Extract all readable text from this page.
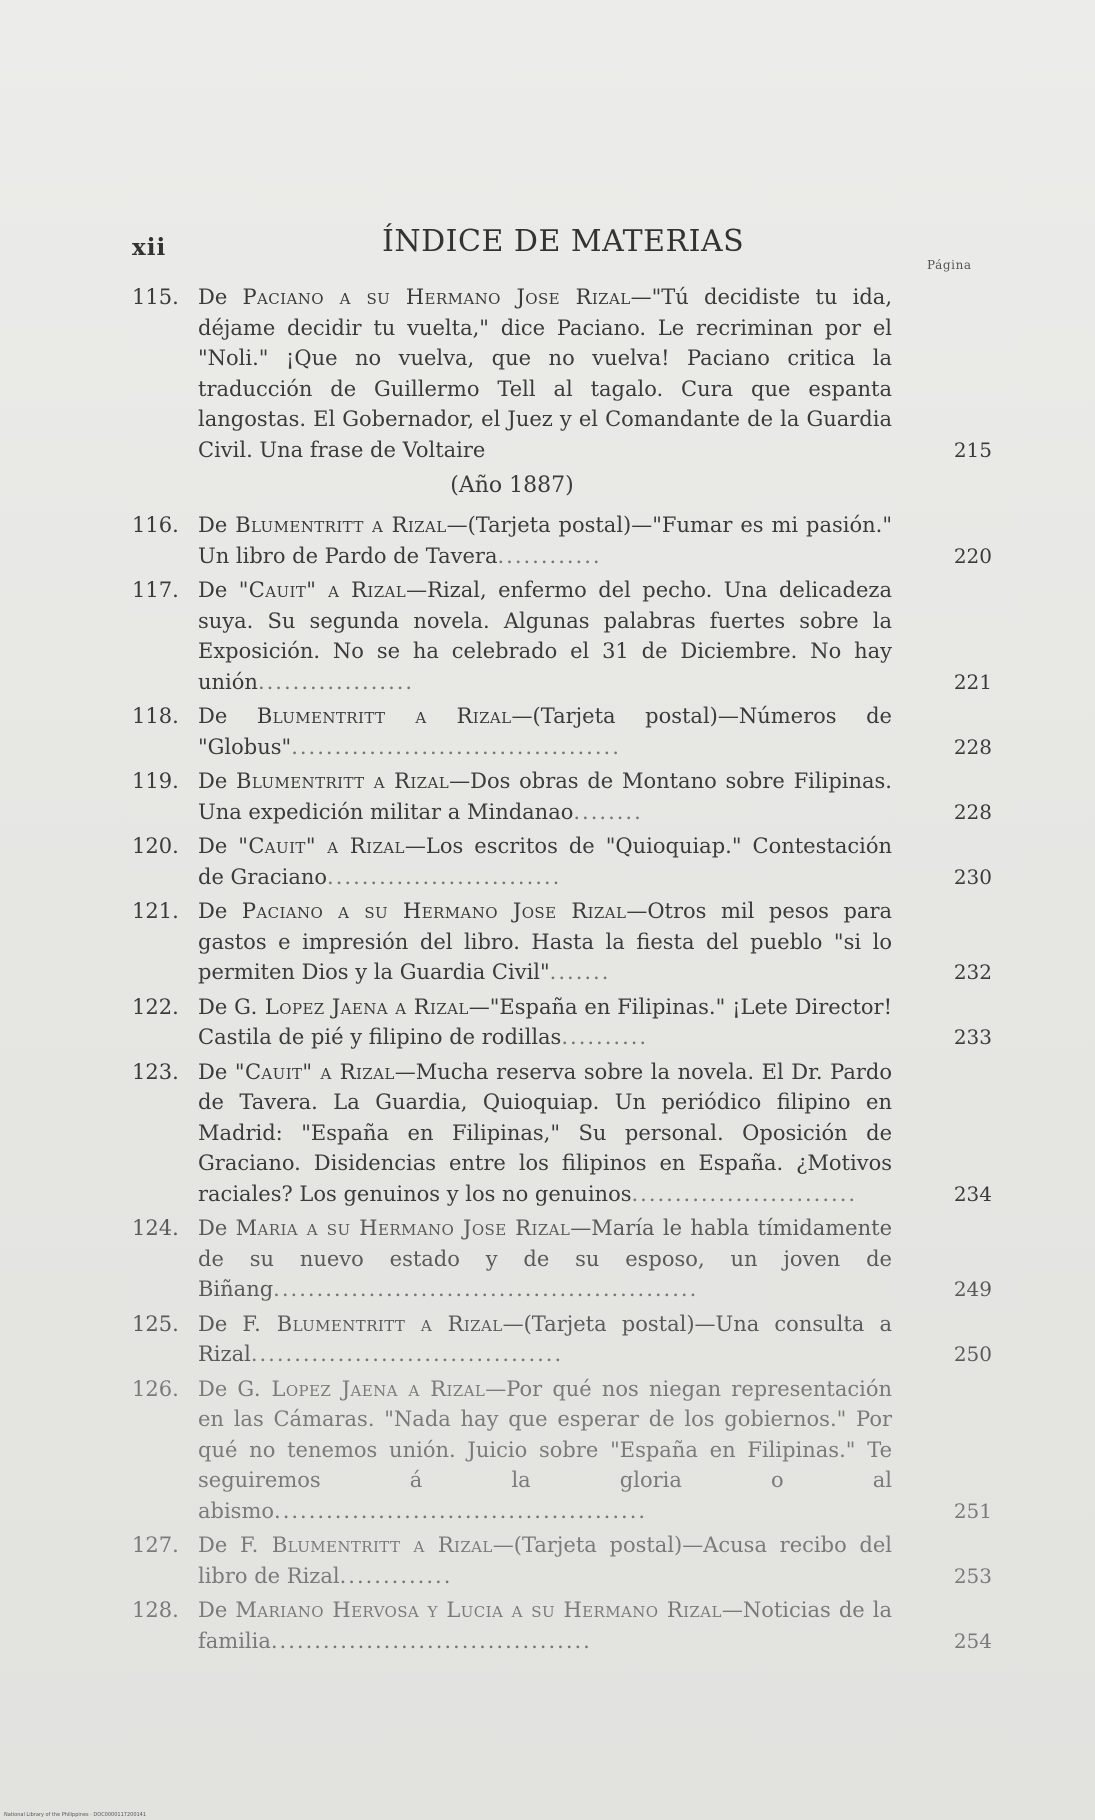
xii	ÍNDICE DE MATERIAS
Página
115. De Paciano a su Hermano Jose Rizal—"Tú decidiste tu ida, déjame decidir tu vuelta," dice Paciano. Le recriminan por el "Noli." ¡Que no vuelva, que no vuelva! Paciano critica la traducción de Guillermo Tell al tagalo. Cura que espanta langostas. El Gobernador, el Juez y el Comandante de la Guardia Civil. Una frase de Voltaire	215
(Año 1887)
116. De Blumentritt a Rizal—(Tarjeta postal)—"Fumar es mi pasión." Un libro de Pardo de Tavera............	220
117. De "Cauit" a Rizal—Rizal, enfermo del pecho. Una delicadeza suya. Su segunda novela. Algunas palabras fuertes sobre la Exposición. No se ha celebrado el 31 de Diciembre. No hay unión..................	221
118. De Blumentritt a Rizal—(Tarjeta postal)—Números de "Globus"......................................	228
119. De Blumentritt a Rizal—Dos obras de Montano sobre Filipinas. Una expedición militar a Mindanao........	228
120. De "Cauit" a Rizal—Los escritos de "Quioquiap." Contestación de Graciano...........................	230
121. De Paciano a su Hermano Jose Rizal—Otros mil pesos para gastos e impresión del libro. Hasta la fiesta del pueblo "si lo permiten Dios y la Guardia Civil".......	232
122. De G. Lopez Jaena a Rizal—"España en Filipinas." ¡Lete Director! Castila de pié y filipino de rodillas..........	233
123. De "Cauit" a Rizal—Mucha reserva sobre la novela. El Dr. Pardo de Tavera. La Guardia, Quioquiap. Un periódico filipino en Madrid: "España en Filipinas," Su personal. Oposición de Graciano. Disidencias entre los filipinos en España. ¿Motivos raciales? Los genuinos y los no genuinos..........................	234
124. De Maria a su Hermano Jose Rizal—María le habla tímidamente de su nuevo estado y de su esposo, un joven de Biñang.................................................	249
125. De F. Blumentritt a Rizal—(Tarjeta postal)—Una consulta a Rizal....................................	250
126. De G. Lopez Jaena a Rizal—Por qué nos niegan representación en las Cámaras. "Nada hay que esperar de los gobiernos." Por qué no tenemos unión. Juicio sobre "España en Filipinas." Te seguiremos á la gloria o al abismo...........................................	251
127. De F. Blumentritt a Rizal—(Tarjeta postal)—Acusa recibo del libro de Rizal.............	253
128. De Mariano Hervosa y Lucia a su Hermano Rizal—Noticias de la familia.....................................	254
National Library of the Philippines · DOC0000117200141
